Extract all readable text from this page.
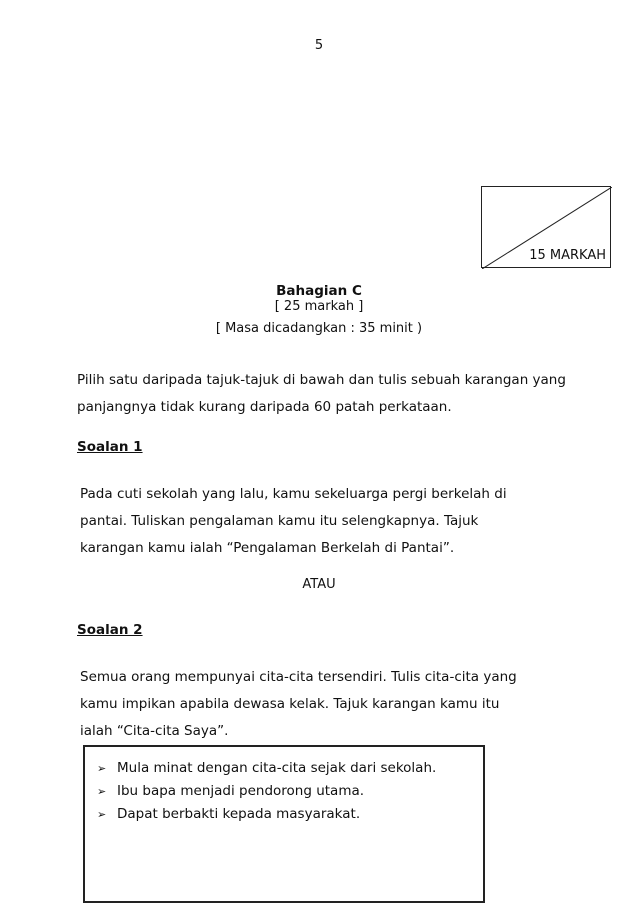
5
15 MARKAH
Bahagian C
[ 25 markah ]
[ Masa dicadangkan : 35 minit )
Pilih satu daripada tajuk-tajuk di bawah dan tulis sebuah karangan yang
panjangnya tidak kurang daripada 60 patah perkataan.
Soalan 1
Pada cuti sekolah yang lalu, kamu sekeluarga pergi berkelah di
pantai. Tuliskan pengalaman kamu itu selengkapnya. Tajuk
karangan kamu ialah “Pengalaman Berkelah di Pantai”.
ATAU
Soalan 2
Semua orang mempunyai cita-cita tersendiri. Tulis cita-cita yang
kamu impikan apabila dewasa kelak. Tajuk karangan kamu itu
ialah “Cita-cita Saya”.
➢ Mula minat dengan cita-cita sejak dari sekolah.
➢ Ibu bapa menjadi pendorong utama.
➢ Dapat berbakti kepada masyarakat.
